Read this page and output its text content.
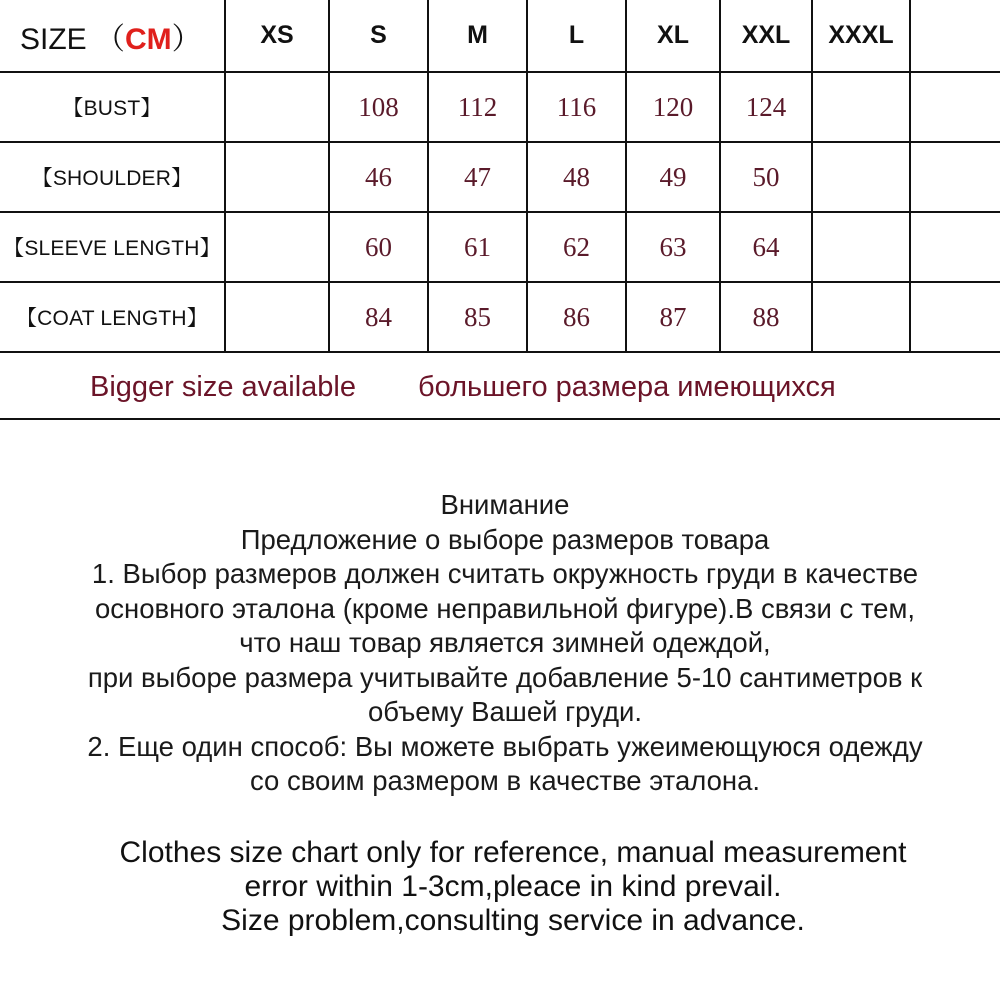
SIZE （CM）	XS	S	M	L	XL	XXL	XXXL	
【BUST】		108	112	116	120	124		
【SHOULDER】		46	47	48	49	50		
【SLEEVE LENGTH】		60	61	62	63	64		
【COAT LENGTH】		84	85	86	87	88		
Bigger size available большего размера имеющихся
Внимание
Предложение о выборе размеров товара
1. Выбор размеров должен считать окружность груди в качестве
основного эталона (кроме неправильной фигуре).В связи с тем,
что наш товар является зимней одеждой,
при выборе размера учитывайте добавление 5-10 сантиметров к
объему Вашей груди.
2. Еще один способ: Вы можете выбрать ужеимеющуюся одежду
со своим размером в качестве эталона.
Clothes size chart only for reference, manual measurement
error within 1-3cm,pleace in kind prevail.
Size problem,consulting service in advance.
